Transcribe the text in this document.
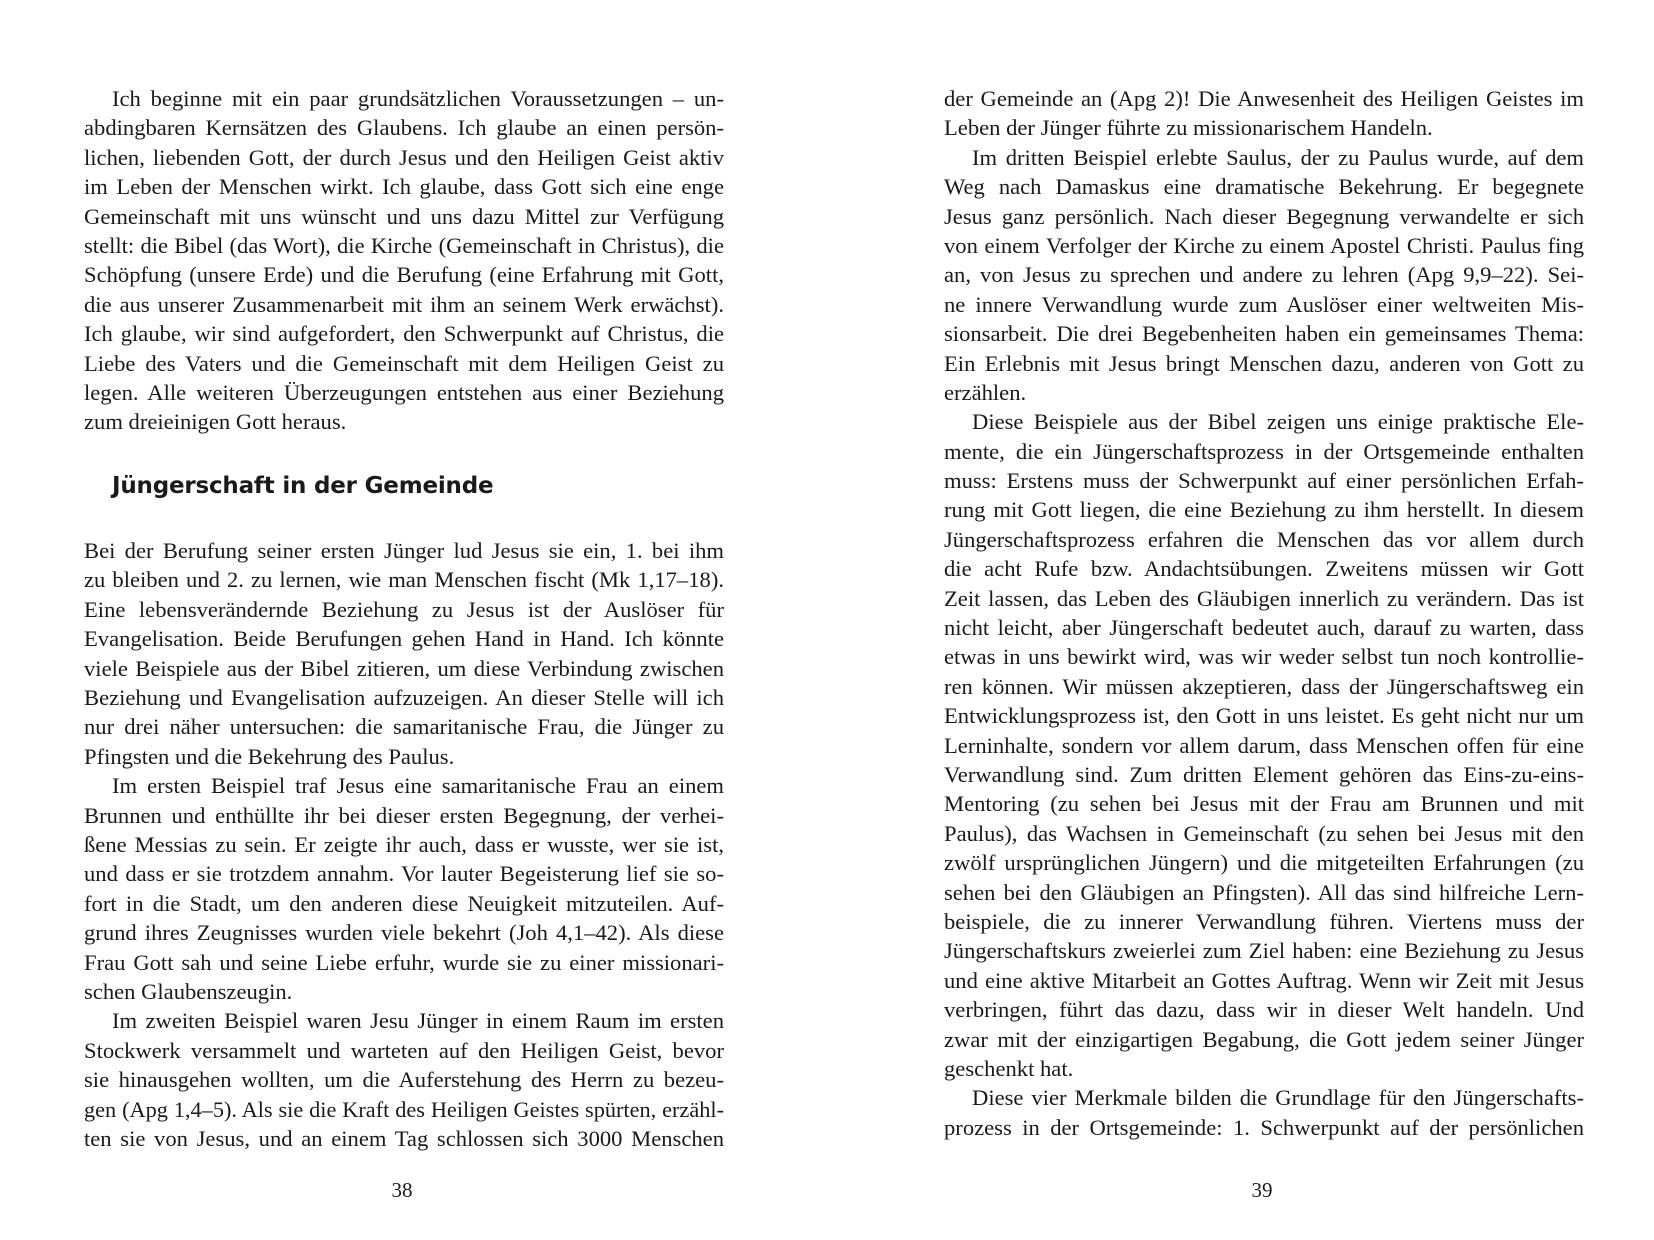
Ich beginne mit ein paar grundsätzlichen Voraussetzungen – un-
abdingbaren Kernsätzen des Glaubens. Ich glaube an einen persön-
lichen, liebenden Gott, der durch Jesus und den Heiligen Geist aktiv
im Leben der Menschen wirkt. Ich glaube, dass Gott sich eine enge
Gemeinschaft mit uns wünscht und uns dazu Mittel zur Verfügung
stellt: die Bibel (das Wort), die Kirche (Gemeinschaft in Christus), die
Schöpfung (unsere Erde) und die Berufung (eine Erfahrung mit Gott,
die aus unserer Zusammenarbeit mit ihm an seinem Werk erwächst).
Ich glaube, wir sind aufgefordert, den Schwerpunkt auf Christus, die
Liebe des Vaters und die Gemeinschaft mit dem Heiligen Geist zu
legen. Alle weiteren Überzeugungen entstehen aus einer Beziehung
zum dreieinigen Gott heraus.
Jüngerschaft in der Gemeinde
Bei der Berufung seiner ersten Jünger lud Jesus sie ein, 1. bei ihm
zu bleiben und 2. zu lernen, wie man Menschen fischt (Mk 1,17–18).
Eine lebensverändernde Beziehung zu Jesus ist der Auslöser für
Evangelisation. Beide Berufungen gehen Hand in Hand. Ich könnte
viele Beispiele aus der Bibel zitieren, um diese Verbindung zwischen
Beziehung und Evangelisation aufzuzeigen. An dieser Stelle will ich
nur drei näher untersuchen: die samaritanische Frau, die Jünger zu
Pfingsten und die Bekehrung des Paulus.
Im ersten Beispiel traf Jesus eine samaritanische Frau an einem
Brunnen und enthüllte ihr bei dieser ersten Begegnung, der verhei-
ßene Messias zu sein. Er zeigte ihr auch, dass er wusste, wer sie ist,
und dass er sie trotzdem annahm. Vor lauter Begeisterung lief sie so-
fort in die Stadt, um den anderen diese Neuigkeit mitzuteilen. Auf-
grund ihres Zeugnisses wurden viele bekehrt (Joh 4,1–42). Als diese
Frau Gott sah und seine Liebe erfuhr, wurde sie zu einer missionari-
schen Glaubenszeugin.
Im zweiten Beispiel waren Jesu Jünger in einem Raum im ersten
Stockwerk versammelt und warteten auf den Heiligen Geist, bevor
sie hinausgehen wollten, um die Auferstehung des Herrn zu bezeu-
gen (Apg 1,4–5). Als sie die Kraft des Heiligen Geistes spürten, erzähl-
ten sie von Jesus, und an einem Tag schlossen sich 3000 Menschen
38
der Gemeinde an (Apg 2)! Die Anwesenheit des Heiligen Geistes im
Leben der Jünger führte zu missionarischem Handeln.
Im dritten Beispiel erlebte Saulus, der zu Paulus wurde, auf dem
Weg nach Damaskus eine dramatische Bekehrung. Er begegnete
Jesus ganz persönlich. Nach dieser Begegnung verwandelte er sich
von einem Verfolger der Kirche zu einem Apostel Christi. Paulus fing
an, von Jesus zu sprechen und andere zu lehren (Apg 9,9–22). Sei-
ne innere Verwandlung wurde zum Auslöser einer weltweiten Mis-
sionsarbeit. Die drei Begebenheiten haben ein gemeinsames Thema:
Ein Erlebnis mit Jesus bringt Menschen dazu, anderen von Gott zu
erzählen.
Diese Beispiele aus der Bibel zeigen uns einige praktische Ele-
mente, die ein Jüngerschaftsprozess in der Ortsgemeinde enthalten
muss: Erstens muss der Schwerpunkt auf einer persönlichen Erfah-
rung mit Gott liegen, die eine Beziehung zu ihm herstellt. In diesem
Jüngerschaftsprozess erfahren die Menschen das vor allem durch
die acht Rufe bzw. Andachtsübungen. Zweitens müssen wir Gott
Zeit lassen, das Leben des Gläubigen innerlich zu verändern. Das ist
nicht leicht, aber Jüngerschaft bedeutet auch, darauf zu warten, dass
etwas in uns bewirkt wird, was wir weder selbst tun noch kontrollie-
ren können. Wir müssen akzeptieren, dass der Jüngerschaftsweg ein
Entwicklungsprozess ist, den Gott in uns leistet. Es geht nicht nur um
Lerninhalte, sondern vor allem darum, dass Menschen offen für eine
Verwandlung sind. Zum dritten Element gehören das Eins-zu-eins-
Mentoring (zu sehen bei Jesus mit der Frau am Brunnen und mit
Paulus), das Wachsen in Gemeinschaft (zu sehen bei Jesus mit den
zwölf ursprünglichen Jüngern) und die mitgeteilten Erfahrungen (zu
sehen bei den Gläubigen an Pfingsten). All das sind hilfreiche Lern-
beispiele, die zu innerer Verwandlung führen. Viertens muss der
Jüngerschaftskurs zweierlei zum Ziel haben: eine Beziehung zu Jesus
und eine aktive Mitarbeit an Gottes Auftrag. Wenn wir Zeit mit Jesus
verbringen, führt das dazu, dass wir in dieser Welt handeln. Und
zwar mit der einzigartigen Begabung, die Gott jedem seiner Jünger
geschenkt hat.
Diese vier Merkmale bilden die Grundlage für den Jüngerschafts-
prozess in der Ortsgemeinde: 1. Schwerpunkt auf der persönlichen
39
